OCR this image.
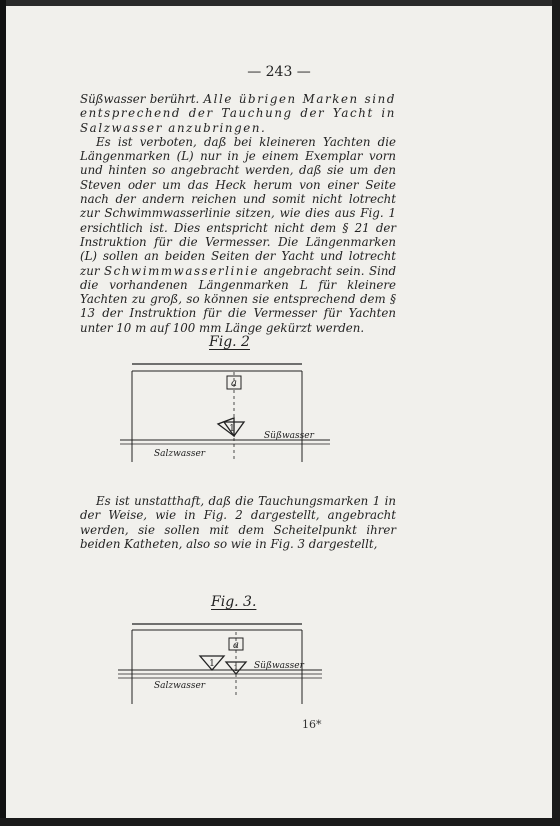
— 243 —

Süßwasser berührt. Alle übrigen Marken sind entsprechend der Tauchung der Yacht in Salzwasser anzubringen.

Es ist verboten, daß bei kleineren Yachten die Längenmarken (L) nur in je einem Exemplar vorn und hinten so angebracht werden, daß sie um den Steven oder um das Heck herum von einer Seite nach der andern reichen und somit nicht lotrecht zur Schwimmwasserlinie sitzen, wie dies aus Fig. 1 ersichtlich ist. Dies entspricht nicht dem § 21 der Instruktion für die Vermesser. Die Längenmarken (L) sollen an beiden Seiten der Yacht und lotrecht zur Schwimmwasserlinie angebracht sein. Sind die vorhandenen Längenmarken L für kleinere Yachten zu groß, so können sie entsprechend dem § 13 der Instruktion für die Vermesser für Yachten unter 10 m auf 100 mm Länge gekürzt werden.

Fig. 2
a
1
Süßwasser
Salzwasser

Es ist unstatthaft, daß die Tauchungsmarken 1 in der Weise, wie in Fig. 2 dargestellt, angebracht werden, sie sollen mit dem Scheitelpunkt ihrer beiden Katheten, also so wie in Fig. 3 dargestellt,

Fig. 3.
a
1 1 Süßwasser
Salzwasser
16*
